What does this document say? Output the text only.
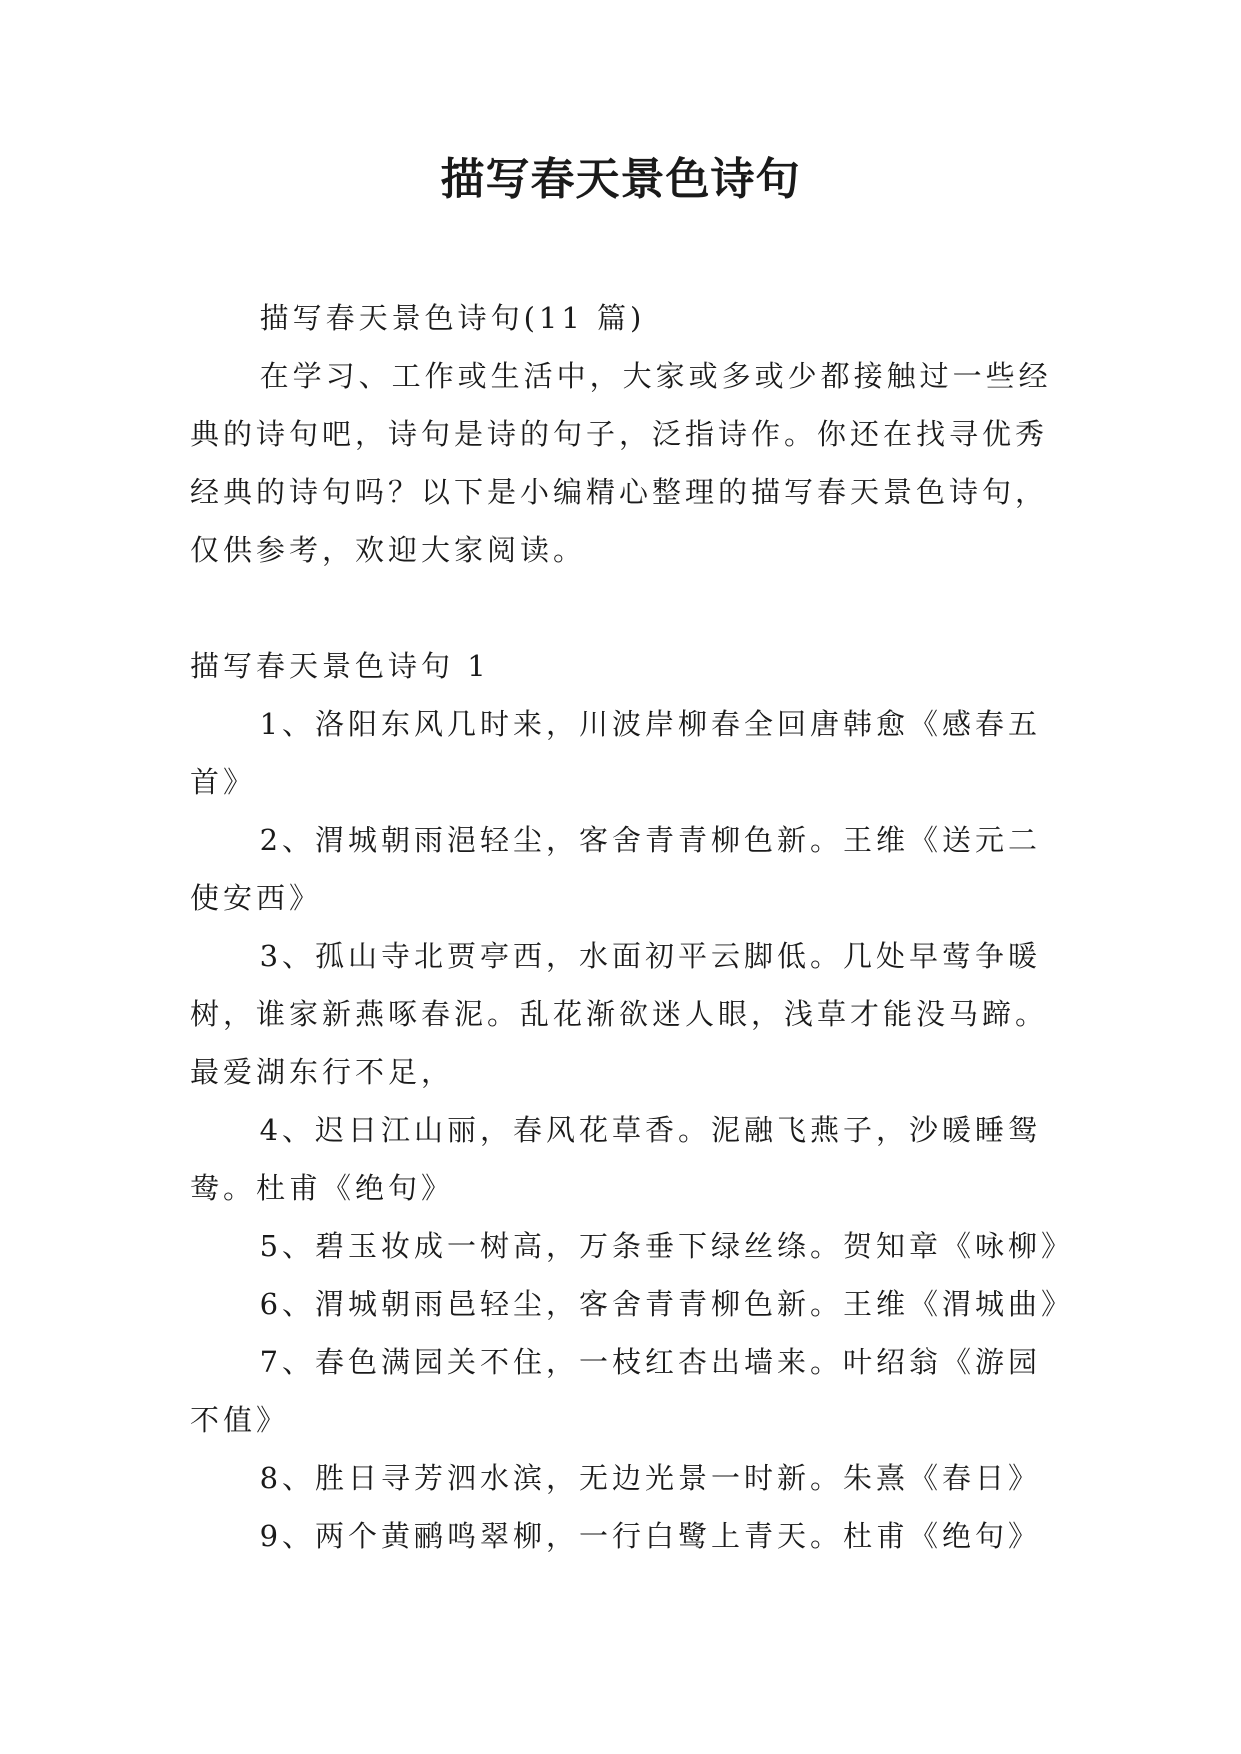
描写春天景色诗句

描写春天景色诗句(11 篇)

在学习、工作或生活中，大家或多或少都接触过一些经典的诗句吧，诗句是诗的句子，泛指诗作。你还在找寻优秀经典的诗句吗？以下是小编精心整理的描写春天景色诗句，仅供参考，欢迎大家阅读。

描写春天景色诗句 1

1、洛阳东风几时来，川波岸柳春全回唐韩愈《感春五首》

2、渭城朝雨浥轻尘，客舍青青柳色新。王维《送元二使安西》

3、孤山寺北贾亭西，水面初平云脚低。几处早莺争暖树，谁家新燕啄春泥。乱花渐欲迷人眼，浅草才能没马蹄。最爱湖东行不足，

4、迟日江山丽，春风花草香。泥融飞燕子，沙暖睡鸳鸯。杜甫《绝句》

5、碧玉妆成一树高，万条垂下绿丝绦。贺知章《咏柳》

6、渭城朝雨邑轻尘，客舍青青柳色新。王维《渭城曲》

7、春色满园关不住，一枝红杏出墙来。叶绍翁《游园不值》

8、胜日寻芳泗水滨，无边光景一时新。朱熹《春日》

9、两个黄鹂鸣翠柳，一行白鹭上青天。杜甫《绝句》
